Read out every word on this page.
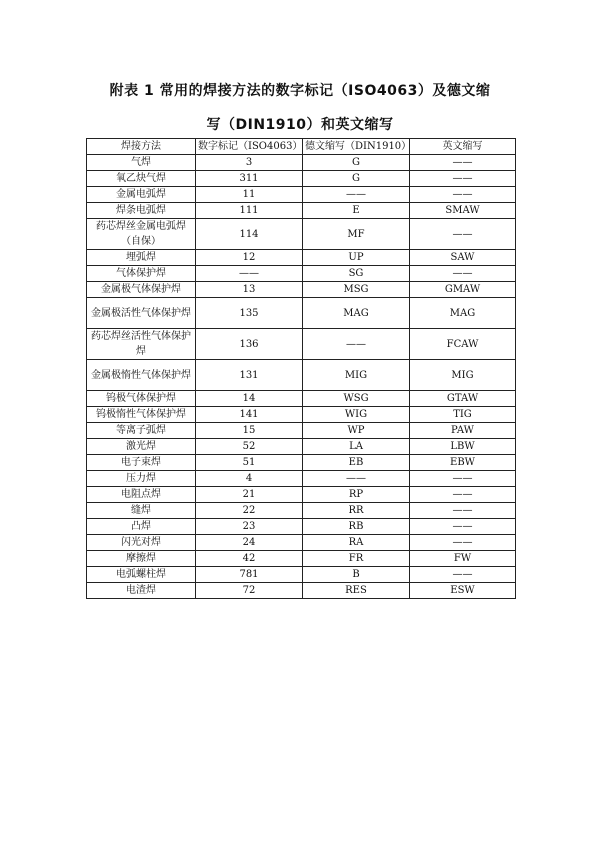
附表 1 常用的焊接方法的数字标记（ISO4063）及德文缩
写（DIN1910）和英文缩写
焊接方法	数字标记（ISO4063）	德文缩写（DIN1910）	英文缩写
气焊	3	G	——
氧乙炔气焊	311	G	——
金属电弧焊	11	——	——
焊条电弧焊	111	E	SMAW
药芯焊丝金属电弧焊（自保）	114	MF	——
埋弧焊	12	UP	SAW
气体保护焊	——	SG	——
金属极气体保护焊	13	MSG	GMAW
金属极活性气体保护焊	135	MAG	MAG
药芯焊丝活性气体保护焊	136	——	FCAW
金属极惰性气体保护焊	131	MIG	MIG
钨极气体保护焊	14	WSG	GTAW
钨极惰性气体保护焊	141	WIG	TIG
等离子弧焊	15	WP	PAW
激光焊	52	LA	LBW
电子束焊	51	EB	EBW
压力焊	4	——	——
电阻点焊	21	RP	——
缝焊	22	RR	——
凸焊	23	RB	——
闪光对焊	24	RA	——
摩擦焊	42	FR	FW
电弧螺柱焊	781	B	——
电渣焊	72	RES	ESW
